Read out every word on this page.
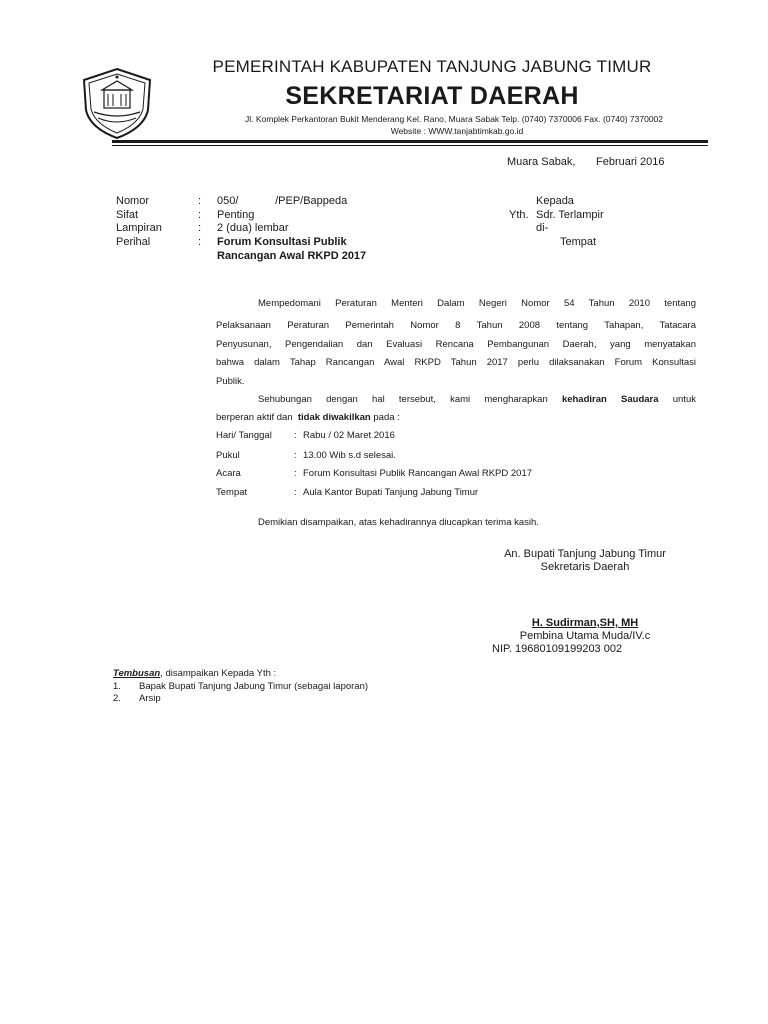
PEMERINTAH KABUPATEN TANJUNG JABUNG TIMUR
SEKRETARIAT DAERAH
Jl. Komplek Perkantoran Bukit Menderang Kel. Rano, Muara Sabak Telp. (0740) 7370006 Fax. (0740) 7370002
Website : WWW.tanjabtimkab.go.id
Muara Sabak, Februari 2016
Nomor	: 050/            /PEP/Bappeda
Sifat	: Penting
Lampiran	: 2 (dua) lembar
Perihal	: Forum Konsultasi Publik
Rancangan Awal RKPD 2017
Kepada
Yth. Sdr. Terlampir
di-
Tempat
Mempedomani Peraturan Menteri Dalam Negeri Nomor 54 Tahun 2010 tentang
Pelaksanaan Peraturan Pemerintah Nomor 8 Tahun 2008 tentang Tahapan, Tatacara
Penyusunan, Pengendalian dan Evaluasi Rencana Pembangunan Daerah, yang menyatakan
bahwa dalam Tahap Rancangan Awal RKPD Tahun 2017 perlu dilaksanakan Forum Konsultasi
Publik.
Sehubungan dengan hal tersebut, kami mengharapkan kehadiran Saudara untuk
berperan aktif dan  tidak diwakilkan pada :
Hari/ Tanggal : Rabu / 02 Maret 2016
Pukul	: 13.00 Wib s.d selesai.
Acara	: Forum Konsultasi Publik Rancangan Awal RKPD 2017
Tempat	: Aula Kantor Bupati Tanjung Jabung Timur
Demikian disampaikan, atas kehadirannya diucapkan terima kasih.
An. Bupati Tanjung Jabung Timur
Sekretaris Daerah
H. Sudirman,SH, MH
Pembina Utama Muda/IV.c
NIP. 19680109199203 002
Tembusan, disampaikan Kepada Yth :
1. Bapak Bupati Tanjung Jabung Timur (sebagai laporan)
2. Arsip
